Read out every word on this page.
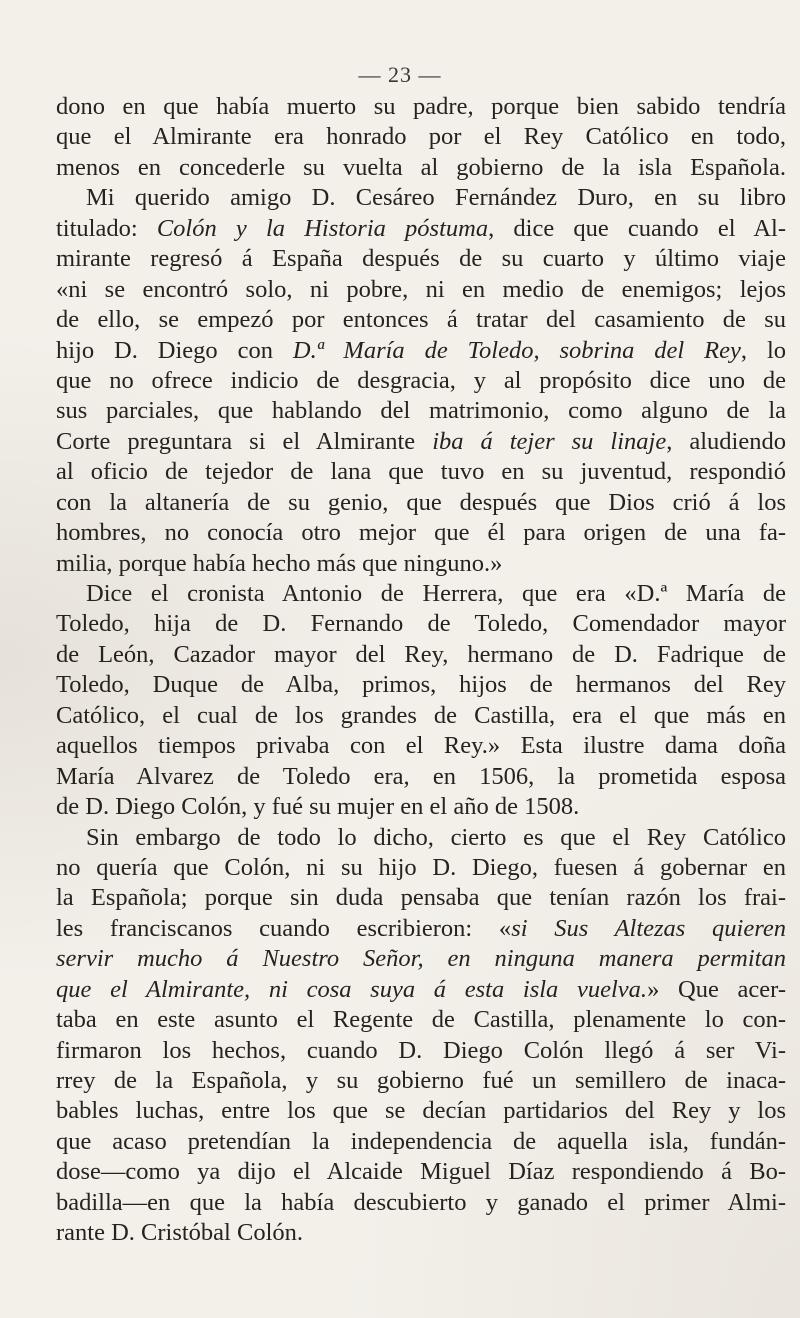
— 23 —
dono en que había muerto su padre, porque bien sabido tendría
que el Almirante era honrado por el Rey Católico en todo,
menos en concederle su vuelta al gobierno de la isla Española.
Mi querido amigo D. Cesáreo Fernández Duro, en su libro
titulado: Colón y la Historia póstuma, dice que cuando el Al-
mirante regresó á España después de su cuarto y último viaje
«ni se encontró solo, ni pobre, ni en medio de enemigos; lejos
de ello, se empezó por entonces á tratar del casamiento de su
hijo D. Diego con D.ª María de Toledo, sobrina del Rey, lo
que no ofrece indicio de desgracia, y al propósito dice uno de
sus parciales, que hablando del matrimonio, como alguno de la
Corte preguntara si el Almirante iba á tejer su linaje, aludiendo
al oficio de tejedor de lana que tuvo en su juventud, respondió
con la altanería de su genio, que después que Dios crió á los
hombres, no conocía otro mejor que él para origen de una fa-
milia, porque había hecho más que ninguno.»
Dice el cronista Antonio de Herrera, que era «D.ª María de
Toledo, hija de D. Fernando de Toledo, Comendador mayor
de León, Cazador mayor del Rey, hermano de D. Fadrique de
Toledo, Duque de Alba, primos, hijos de hermanos del Rey
Católico, el cual de los grandes de Castilla, era el que más en
aquellos tiempos privaba con el Rey.» Esta ilustre dama doña
María Alvarez de Toledo era, en 1506, la prometida esposa
de D. Diego Colón, y fué su mujer en el año de 1508.
Sin embargo de todo lo dicho, cierto es que el Rey Católico
no quería que Colón, ni su hijo D. Diego, fuesen á gobernar en
la Española; porque sin duda pensaba que tenían razón los frai-
les franciscanos cuando escribieron: «si Sus Altezas quieren
servir mucho á Nuestro Señor, en ninguna manera permitan
que el Almirante, ni cosa suya á esta isla vuelva.» Que acer-
taba en este asunto el Regente de Castilla, plenamente lo con-
firmaron los hechos, cuando D. Diego Colón llegó á ser Vi-
rrey de la Española, y su gobierno fué un semillero de inaca-
bables luchas, entre los que se decían partidarios del Rey y los
que acaso pretendían la independencia de aquella isla, fundán-
dose—como ya dijo el Alcaide Miguel Díaz respondiendo á Bo-
badilla—en que la había descubierto y ganado el primer Almi-
rante D. Cristóbal Colón.
